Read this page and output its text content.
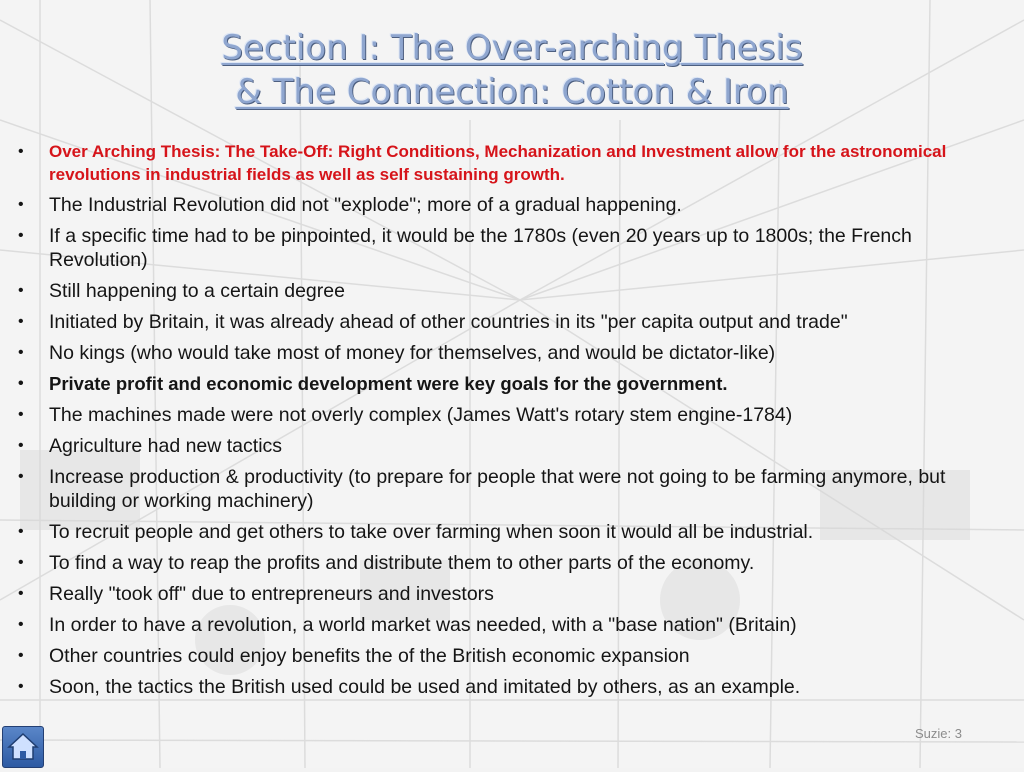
Section I: The Over-arching Thesis
& The Connection: Cotton & Iron
• Over Arching Thesis: The Take-Off: Right Conditions, Mechanization and Investment allow for the astronomical revolutions in industrial fields as well as self sustaining growth.
• The Industrial Revolution did not "explode"; more of a gradual happening.
• If a specific time had to be pinpointed, it would be the 1780s (even 20 years up to 1800s; the French Revolution)
• Still happening to a certain degree
• Initiated by Britain, it was already ahead of other countries in its "per capita output and trade"
• No kings (who would take most of money for themselves, and would be dictator-like)
• Private profit and economic development were key goals for the government.
• The machines made were not overly complex (James Watt's rotary stem engine-1784)
• Agriculture had new tactics
• Increase production & productivity (to prepare for people that were not going to be farming anymore, but building or working machinery)
• To recruit people and get others to take over farming when soon it would all be industrial.
• To find a way to reap the profits and distribute them to other parts of the economy.
• Really "took off" due to entrepreneurs and investors
• In order to have a revolution, a world market was needed, with a "base nation" (Britain)
• Other countries could enjoy benefits the of the British economic expansion
• Soon, the tactics the British used could be used and imitated by others, as an example.
Suzie: 3
